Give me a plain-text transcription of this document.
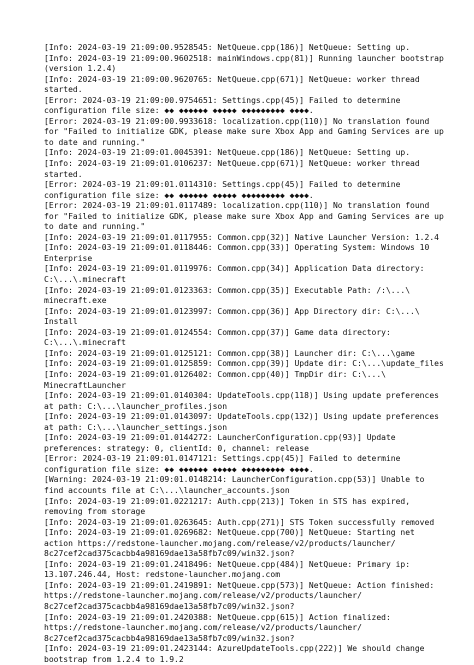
[Info: 2024-03-19 21:09:00.9528545: NetQueue.cpp(186)] NetQueue: Setting up.
[Info: 2024-03-19 21:09:00.9602518: mainWindows.cpp(81)] Running launcher bootstrap
(version 1.2.4)
[Info: 2024-03-19 21:09:00.9620765: NetQueue.cpp(671)] NetQueue: worker thread
started.
[Error: 2024-03-19 21:09:00.9754651: Settings.cpp(45)] Failed to determine
configuration file size: ◆◆ ◆◆◆◆◆◆ ◆◆◆◆◆ ◆◆◆◆◆◆◆◆◆ ◆◆◆◆.
[Error: 2024-03-19 21:09:00.9933618: localization.cpp(110)] No translation found
for "Failed to initialize GDK, please make sure Xbox App and Gaming Services are up
to date and running."
[Info: 2024-03-19 21:09:01.0045391: NetQueue.cpp(186)] NetQueue: Setting up.
[Info: 2024-03-19 21:09:01.0106237: NetQueue.cpp(671)] NetQueue: worker thread
started.
[Error: 2024-03-19 21:09:01.0114310: Settings.cpp(45)] Failed to determine
configuration file size: ◆◆ ◆◆◆◆◆◆ ◆◆◆◆◆ ◆◆◆◆◆◆◆◆◆ ◆◆◆◆.
[Error: 2024-03-19 21:09:01.0117489: localization.cpp(110)] No translation found
for "Failed to initialize GDK, please make sure Xbox App and Gaming Services are up
to date and running."
[Info: 2024-03-19 21:09:01.0117955: Common.cpp(32)] Native Launcher Version: 1.2.4
[Info: 2024-03-19 21:09:01.0118446: Common.cpp(33)] Operating System: Windows 10
Enterprise
[Info: 2024-03-19 21:09:01.0119976: Common.cpp(34)] Application Data directory:
C:\...\.minecraft
[Info: 2024-03-19 21:09:01.0123363: Common.cpp(35)] Executable Path: /:\...\
minecraft.exe
[Info: 2024-03-19 21:09:01.0123997: Common.cpp(36)] App Directory dir: C:\...\
Install
[Info: 2024-03-19 21:09:01.0124554: Common.cpp(37)] Game data directory:
C:\...\.minecraft
[Info: 2024-03-19 21:09:01.0125121: Common.cpp(38)] Launcher dir: C:\...\game
[Info: 2024-03-19 21:09:01.0125859: Common.cpp(39)] Update dir: C:\...\update_files
[Info: 2024-03-19 21:09:01.0126402: Common.cpp(40)] TmpDir dir: C:\...\
MinecraftLauncher
[Info: 2024-03-19 21:09:01.0140304: UpdateTools.cpp(118)] Using update preferences
at path: C:\...\launcher_profiles.json
[Info: 2024-03-19 21:09:01.0143097: UpdateTools.cpp(132)] Using update preferences
at path: C:\...\launcher_settings.json
[Info: 2024-03-19 21:09:01.0144272: LauncherConfiguration.cpp(93)] Update
preferences: strategy: 0, clientId: 0, channel: release
[Error: 2024-03-19 21:09:01.0147121: Settings.cpp(45)] Failed to determine
configuration file size: ◆◆ ◆◆◆◆◆◆ ◆◆◆◆◆ ◆◆◆◆◆◆◆◆◆ ◆◆◆◆.
[Warning: 2024-03-19 21:09:01.0148214: LauncherConfiguration.cpp(53)] Unable to
find accounts file at C:\...\launcher_accounts.json
[Info: 2024-03-19 21:09:01.0221217: Auth.cpp(213)] Token in STS has expired,
removing from storage
[Info: 2024-03-19 21:09:01.0263645: Auth.cpp(271)] STS Token successfully removed
[Info: 2024-03-19 21:09:01.0269682: NetQueue.cpp(700)] NetQueue: Starting net
action https://redstone-launcher.mojang.com/release/v2/products/launcher/
8c27cef2cad375cacbb4a98169dae13a58fb7c09/win32.json?
[Info: 2024-03-19 21:09:01.2418496: NetQueue.cpp(484)] NetQueue: Primary ip:
13.107.246.44, Host: redstone-launcher.mojang.com
[Info: 2024-03-19 21:09:01.2419891: NetQueue.cpp(573)] NetQueue: Action finished:
https://redstone-launcher.mojang.com/release/v2/products/launcher/
8c27cef2cad375cacbb4a98169dae13a58fb7c09/win32.json?
[Info: 2024-03-19 21:09:01.2420388: NetQueue.cpp(615)] Action finalized:
https://redstone-launcher.mojang.com/release/v2/products/launcher/
8c27cef2cad375cacbb4a98169dae13a58fb7c09/win32.json?
[Info: 2024-03-19 21:09:01.2423144: AzureUpdateTools.cpp(222)] We should change
bootstrap from 1.2.4 to 1.9.2
